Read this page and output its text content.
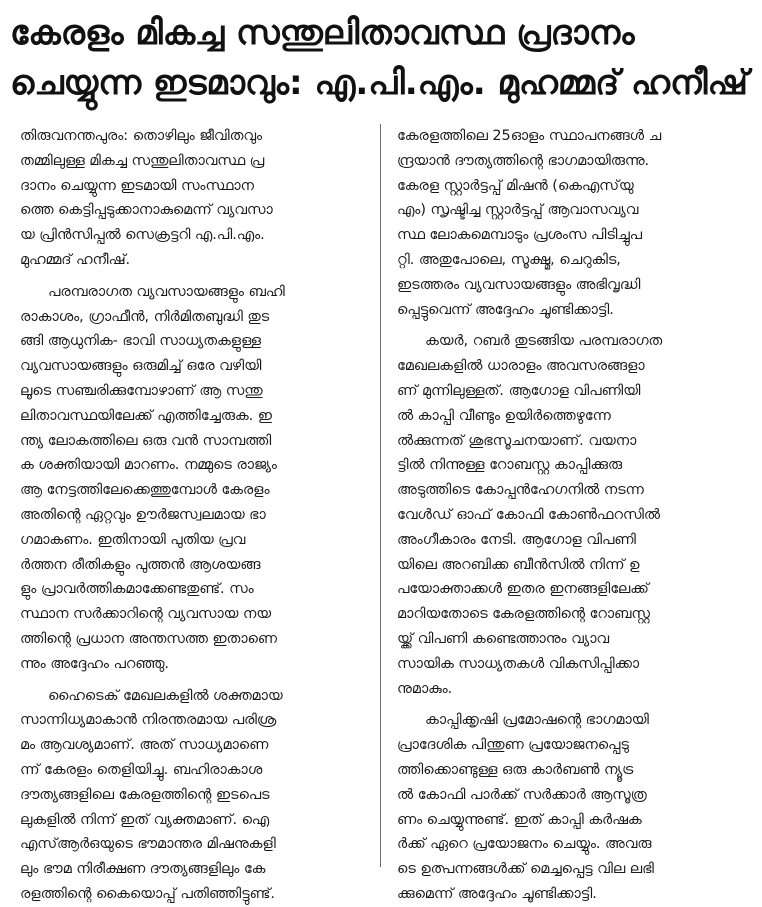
കേരളം മികച്ച സന്തുലിതാവസ്ഥ പ്രദാനം
ചെയ്യുന്ന ഇടമാവും: എ.പി.എം. മുഹമ്മദ് ഹനീഷ്
തിരുവനന്തപുരം: തൊഴിലും ജീവിതവും
തമ്മിലുള്ള മികച്ച സന്തുലിതാവസ്ഥ പ്ര
ദാനം ചെയ്യുന്ന ഇടമായി സംസ്ഥാന
ത്തെ കെട്ടിപ്പടുക്കാനാകുമെന്ന് വ്യവസാ
യ പ്രിൻസിപ്പൽ സെക്രട്ടറി എ.പി.എം.
മുഹമ്മദ് ഹനീഷ്.
പരമ്പരാഗത വ്യവസായങ്ങളും ബഹി
രാകാശം, ഗ്രാഫീൻ, നിർമിതബുദ്ധി തുട
ങ്ങി ആധുനിക- ഭാവി സാധ്യതകളുള്ള
വ്യവസായങ്ങളും ഒരുമിച്ച് ഒരേ വഴിയി
ലൂടെ സഞ്ചരിക്കുമ്പോഴാണ് ആ സന്തു
ലിതാവസ്ഥയിലേക്ക് എത്തിച്ചേരുക. ഇ
ന്ത്യ ലോകത്തിലെ ഒരു വൻ സാമ്പത്തി
ക ശക്തിയായി മാറണം. നമ്മുടെ രാജ്യം
ആ നേട്ടത്തിലേക്കെത്തുമ്പോൾ കേരളം
അതിന്റെ ഏറ്റവും ഊർജസ്വലമായ ഭാ
ഗമാകണം. ഇതിനായി പുതിയ പ്രവ
ർത്തന രീതികളും പുത്തൻ ആശയങ്ങ
ളും പ്രാവർത്തികമാക്കേണ്ടതുണ്ട്. സം
സ്ഥാന സർക്കാറിന്റെ വ്യവസായ നയ
ത്തിന്റെ പ്രധാന അന്തസത്ത ഇതാണെ
ന്നും അദ്ദേഹം പറഞ്ഞു.
ഹൈടെക് മേഖലകളിൽ ശക്തമായ
സാന്നിധ്യമാകാൻ നിരന്തരമായ പരിശ്ര
മം ആവശ്യമാണ്. അത് സാധ്യമാണെ
ന്ന് കേരളം തെളിയിച്ചു. ബഹിരാകാശ
ദൗത്യങ്ങളിലെ കേരളത്തിന്റെ ഇടപെട
ലുകളിൽ നിന്ന് ഇത് വ്യക്തമാണ്. ഐ
എസ്ആർഒയുടെ ഭൗമാന്തര മിഷനുകളി
ലും ഭൗമ നിരീക്ഷണ ദൗത്യങ്ങളിലും കേ
രളത്തിന്റെ കൈയൊപ്പ് പതിഞ്ഞിട്ടുണ്ട്.
കേരളത്തിലെ 25ഓളം സ്ഥാപനങ്ങൾ ച
ന്ദ്രയാൻ ദൗത്യത്തിന്റെ ഭാഗമായിരുന്നു.
കേരള സ്റ്റാർട്ടപ്പ് മിഷൻ (കെഎസ്‌യു
എം) സൃഷ്ടിച്ച സ്റ്റാർട്ടപ്പ് ആവാസവ്യവ
സ്ഥ ലോകമെമ്പാടും പ്രശംസ പിടിച്ചുപ
റ്റി. അതുപോലെ, സൂക്ഷ്മ, ചെറുകിട,
ഇടത്തരം വ്യവസായങ്ങളും അഭിവൃദ്ധി
പ്പെട്ടുവെന്ന് അദ്ദേഹം ചൂണ്ടിക്കാട്ടി.
കയർ, റബർ തുടങ്ങിയ പരമ്പരാഗത
മേഖലകളിൽ ധാരാളം അവസരങ്ങളാ
ണ് മുന്നിലുള്ളത്. ആഗോള വിപണിയി
ൽ കാപ്പി വീണ്ടും ഉയിർത്തെഴുന്നേ
ൽക്കുന്നത് ശുഭസൂചനയാണ്. വയനാ
ട്ടിൽ നിന്നുള്ള റോബസ്റ്റ കാപ്പിക്കുരു
അടുത്തിടെ കോപ്പൻഹേഗനിൽ നടന്ന
വേൾഡ് ഓഫ് കോഫി കോൺഫറസിൽ
അംഗീകാരം നേടി. ആഗോള വിപണി
യിലെ അറബിക്ക ബീൻസിൽ നിന്ന് ഉ
പയോക്താക്കൾ ഇതര ഇനങ്ങളിലേക്ക്
മാറിയതോടെ കേരളത്തിന്റെ റോബസ്റ്റ
യ്ക്ക് വിപണി കണ്ടെത്താനും വ്യാവ
സായിക സാധ്യതകൾ വികസിപ്പിക്കാ
നുമാകും.
കാപ്പിക്കൃഷി പ്രമോഷന്റെ ഭാഗമായി
പ്രാദേശിക പിന്തുണ പ്രയോജനപ്പെടു
ത്തിക്കൊണ്ടുള്ള ഒരു കാർബൺ ന്യൂട്ര
ൽ കോഫി പാർക്ക് സർക്കാർ ആസൂത്ര
ണം ചെയ്യുന്നുണ്ട്. ഇത് കാപ്പി കർഷക
ർക്ക് ഏറെ പ്രയോജനം ചെയ്യും. അവരു
ടെ ഉത്പന്നങ്ങൾക്ക് മെച്ചപ്പെട്ട വില ലഭി
ക്കുമെന്ന് അദ്ദേഹം ചൂണ്ടിക്കാട്ടി.
